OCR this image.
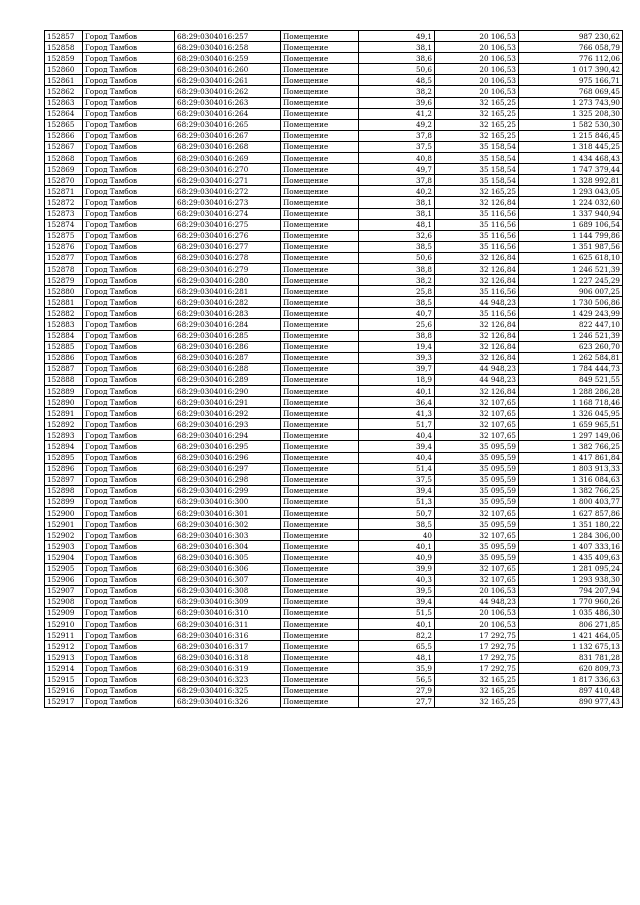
152857	Город Тамбов	68:29:0304016:257	Помещение	49,1	20 106,53	987 230,62
152858	Город Тамбов	68:29:0304016:258	Помещение	38,1	20 106,53	766 058,79
152859	Город Тамбов	68:29:0304016:259	Помещение	38,6	20 106,53	776 112,06
152860	Город Тамбов	68:29:0304016:260	Помещение	50,6	20 106,53	1 017 390,42
152861	Город Тамбов	68:29:0304016:261	Помещение	48,5	20 106,53	975 166,71
152862	Город Тамбов	68:29:0304016:262	Помещение	38,2	20 106,53	768 069,45
152863	Город Тамбов	68:29:0304016:263	Помещение	39,6	32 165,25	1 273 743,90
152864	Город Тамбов	68:29:0304016:264	Помещение	41,2	32 165,25	1 325 208,30
152865	Город Тамбов	68:29:0304016:265	Помещение	49,2	32 165,25	1 582 530,30
152866	Город Тамбов	68:29:0304016:267	Помещение	37,8	32 165,25	1 215 846,45
152867	Город Тамбов	68:29:0304016:268	Помещение	37,5	35 158,54	1 318 445,25
152868	Город Тамбов	68:29:0304016:269	Помещение	40,8	35 158,54	1 434 468,43
152869	Город Тамбов	68:29:0304016:270	Помещение	49,7	35 158,54	1 747 379,44
152870	Город Тамбов	68:29:0304016:271	Помещение	37,8	35 158,54	1 328 992,81
152871	Город Тамбов	68:29:0304016:272	Помещение	40,2	32 165,25	1 293 043,05
152872	Город Тамбов	68:29:0304016:273	Помещение	38,1	32 126,84	1 224 032,60
152873	Город Тамбов	68:29:0304016:274	Помещение	38,1	35 116,56	1 337 940,94
152874	Город Тамбов	68:29:0304016:275	Помещение	48,1	35 116,56	1 689 106,54
152875	Город Тамбов	68:29:0304016:276	Помещение	32,6	35 116,56	1 144 799,86
152876	Город Тамбов	68:29:0304016:277	Помещение	38,5	35 116,56	1 351 987,56
152877	Город Тамбов	68:29:0304016:278	Помещение	50,6	32 126,84	1 625 618,10
152878	Город Тамбов	68:29:0304016:279	Помещение	38,8	32 126,84	1 246 521,39
152879	Город Тамбов	68:29:0304016:280	Помещение	38,2	32 126,84	1 227 245,29
152880	Город Тамбов	68:29:0304016:281	Помещение	25,8	35 116,56	906 007,25
152881	Город Тамбов	68:29:0304016:282	Помещение	38,5	44 948,23	1 730 506,86
152882	Город Тамбов	68:29:0304016:283	Помещение	40,7	35 116,56	1 429 243,99
152883	Город Тамбов	68:29:0304016:284	Помещение	25,6	32 126,84	822 447,10
152884	Город Тамбов	68:29:0304016:285	Помещение	38,8	32 126,84	1 246 521,39
152885	Город Тамбов	68:29:0304016:286	Помещение	19,4	32 126,84	623 260,70
152886	Город Тамбов	68:29:0304016:287	Помещение	39,3	32 126,84	1 262 584,81
152887	Город Тамбов	68:29:0304016:288	Помещение	39,7	44 948,23	1 784 444,73
152888	Город Тамбов	68:29:0304016:289	Помещение	18,9	44 948,23	849 521,55
152889	Город Тамбов	68:29:0304016:290	Помещение	40,1	32 126,84	1 288 286,28
152890	Город Тамбов	68:29:0304016:291	Помещение	36,4	32 107,65	1 168 718,46
152891	Город Тамбов	68:29:0304016:292	Помещение	41,3	32 107,65	1 326 045,95
152892	Город Тамбов	68:29:0304016:293	Помещение	51,7	32 107,65	1 659 965,51
152893	Город Тамбов	68:29:0304016:294	Помещение	40,4	32 107,65	1 297 149,06
152894	Город Тамбов	68:29:0304016:295	Помещение	39,4	35 095,59	1 382 766,25
152895	Город Тамбов	68:29:0304016:296	Помещение	40,4	35 095,59	1 417 861,84
152896	Город Тамбов	68:29:0304016:297	Помещение	51,4	35 095,59	1 803 913,33
152897	Город Тамбов	68:29:0304016:298	Помещение	37,5	35 095,59	1 316 084,63
152898	Город Тамбов	68:29:0304016:299	Помещение	39,4	35 095,59	1 382 766,25
152899	Город Тамбов	68:29:0304016:300	Помещение	51,3	35 095,59	1 800 403,77
152900	Город Тамбов	68:29:0304016:301	Помещение	50,7	32 107,65	1 627 857,86
152901	Город Тамбов	68:29:0304016:302	Помещение	38,5	35 095,59	1 351 180,22
152902	Город Тамбов	68:29:0304016:303	Помещение	40	32 107,65	1 284 306,00
152903	Город Тамбов	68:29:0304016:304	Помещение	40,1	35 095,59	1 407 333,16
152904	Город Тамбов	68:29:0304016:305	Помещение	40,9	35 095,59	1 435 409,63
152905	Город Тамбов	68:29:0304016:306	Помещение	39,9	32 107,65	1 281 095,24
152906	Город Тамбов	68:29:0304016:307	Помещение	40,3	32 107,65	1 293 938,30
152907	Город Тамбов	68:29:0304016:308	Помещение	39,5	20 106,53	794 207,94
152908	Город Тамбов	68:29:0304016:309	Помещение	39,4	44 948,23	1 770 960,26
152909	Город Тамбов	68:29:0304016:310	Помещение	51,5	20 106,53	1 035 486,30
152910	Город Тамбов	68:29:0304016:311	Помещение	40,1	20 106,53	806 271,85
152911	Город Тамбов	68:29:0304016:316	Помещение	82,2	17 292,75	1 421 464,05
152912	Город Тамбов	68:29:0304016:317	Помещение	65,5	17 292,75	1 132 675,13
152913	Город Тамбов	68:29:0304016:318	Помещение	48,1	17 292,75	831 781,28
152914	Город Тамбов	68:29:0304016:319	Помещение	35,9	17 292,75	620 809,73
152915	Город Тамбов	68:29:0304016:323	Помещение	56,5	32 165,25	1 817 336,63
152916	Город Тамбов	68:29:0304016:325	Помещение	27,9	32 165,25	897 410,48
152917	Город Тамбов	68:29:0304016:326	Помещение	27,7	32 165,25	890 977,43
